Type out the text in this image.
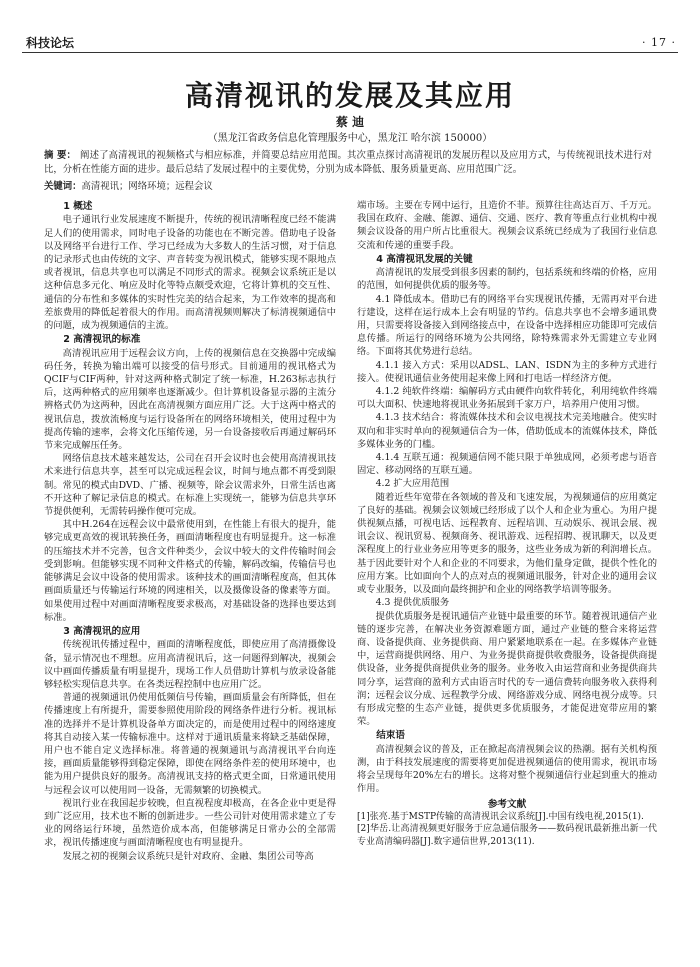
科技论坛	· 17 ·
高清视讯的发展及其应用
蔡 迪
（黑龙江省政务信息化管理服务中心，黑龙江 哈尔滨 150000）
摘 要： 阐述了高清视讯的视频格式与相应标准，并简要总结应用范围。其次重点探讨高清视讯的发展历程以及应用方式，与传统视讯技术进行对比，分析在性能方面的进步。最后总结了发展过程中的主要优势，分别为成本降低、服务质量更高、应用范围广泛。
关键词：高清视讯；网络环境；远程会议
1 概述

电子通讯行业发展速度不断提升，传统的视讯清晰程度已经不能满足人们的使用需求，同时电子设备的功能也在不断完善。借助电子设备以及网络平台进行工作、学习已经成为大多数人的生活习惯，对于信息的记录形式也由传统的文字、声音转变为视讯模式，能够实现不限地点或者视讯，信息共享也可以满足不同形式的需求。视频会议系统正是以这种信息多元化、响应及时化等特点颇受欢迎，它将计算机的交互性、通信的分布性和多媒体的实时性完美的结合起来，为工作效率的提高和差旅费用的降低起着很大的作用。而高清视频则解决了标清视频通信中的问题，成为视频通信的主流。

2 高清视讯的标准

高清视讯应用于远程会议方向，上传的视频信息在交换器中完成编码任务，转换为输出端可以接受的信号形式。目前通用的视讯格式为QCIF与CIF两种，针对这两种格式制定了统一标准，H.263标志执行后，这两种格式的应用频率也逐渐减少。但计算机设备显示器的主流分辨格式仍为这两种，因此在高清视频方面应用广泛。大于这两中格式的视讯信息，拨放流畅度与运行设备所在的网络环境相关，使用过程中为提高传输的速率，会将文化压缩传递，另一台设备接收后再通过解码环节来完成解压任务。

网络信息技术越来越发达，公司在召开会议时也会使用高清视讯技术来进行信息共享，甚至可以完成远程会议，时间与地点都不再受到限制。常见的模式由DVD、广播、视频等，除会议需求外，日常生活也离不开这种了解记录信息的模式。在标准上实现统一，能够为信息共享环节提供便利，无需转码操作便可完成。

其中H.264在远程会议中最常使用到，在性能上有很大的提升，能够完成更高效的视讯转换任务，画面清晰程度也有明显提升。这一标准的压缩技术并不完善，包含文件种类少，会议中较大的文件传输时间会受到影响。但能够实现不同种文件格式的传输，解码改编，传输信号也能够满足会议中设备的使用需求。该种技术的画面清晰程度高，但其体画面质量还与传输运行环境的网速相关，以及摄像设备的像素等方面。如果使用过程中对画面清晰程度要求极高，对基础设备的选择也要达到标准。

3 高清视讯的应用

传统视讯传播过程中，画面的清晰程度低，即使应用了高清摄像设备，显示情况也不理想。应用高清视讯后，这一问题得到解决，视频会议中画面传播质量有明显提升，现场工作人员借助计算机与放录设备能够轻松实现信息共享。在各类远程控制中也应用广泛。

普通的视频通讯仍使用低频信号传输，画面质量会有所降低，但在传播速度上有所提升，需要参照使用阶段的网络条件进行分析。视讯标准的选择并不是计算机设备单方面决定的，而是使用过程中的网络速度将其自动接入某一传输标准中。这样对于通讯质量来将缺乏基础保障，用户也不能自定义选择标准。将普通的视频通讯与高清视讯平台向连接，画面质量能够得到稳定保障，即使在网络条件差的使用环境中，也能为用户提供良好的服务。高清视讯支持的格式更全面，日常通讯使用与远程会议可以使用同一设备，无需频繁的切换模式。

视讯行业在我国起步较晚，但直视程度却极高，在各企业中更是得到广泛应用，技术也不断的创新进步。一些公司针对使用需求建立了专业的网络运行环境，虽然造价成本高，但能够满足日常办公的全部需求，视讯传播速度与画面清晰程度也有明显提升。

发展之初的视频会议系统只是针对政府、金融、集团公司等高

端市场。主要在专网中运行，且造价不菲。预算往往高达百万、千万元。我国在政府、金融、能源、通信、交通、医疗、教育等重点行业机构中视频会议设备的用户所占比重很大。视频会议系统已经成为了我国行业信息交流和传递的重要手段。

4 高清视讯发展的关键

高清视讯的发展受到很多因素的制约，包括系统和终端的价格，应用的范围，如何提供优质的服务等。

4.1 降低成本。借助已有的网络平台实现视讯传播，无需再对平台进行建设，这样在运行成本上会有明显的节约。信息共享也不会增多通讯费用，只需要将设备接入到网络接点中，在设备中选择相应功能即可完成信息传播。所运行的网络环境为公共网络，除特殊需求外无需建立专业网络。下面将其优势进行总结。

4.1.1 接入方式：采用以ADSL、LAN、ISDN为主的多种方式进行接入。使视讯通信业务使用起来像上网和打电话一样经济方便。

4.1.2 纯软件终端：编解码方式由硬件向软件转化，利用纯软件终端可以大面积、快速地将视讯业务拓展到千家万户，培养用户使用习惯。

4.1.3 技术结合：将流媒体技术和会议电视技术完美地融合。使实时双向和非实时单向的视频通信合为一体，借助低成本的流媒体技术，降低多媒体业务的门槛。

4.1.4 互联互通：视频通信网不能只限于单独成网，必须考虑与语音固定、移动网络的互联互通。

4.2 扩大应用范围

随着近些年宽带在各领域的普及和飞速发展，为视频通信的应用奠定了良好的基础。视频会议领域已经形成了以个人和企业为重心。为用户提供视频点播，可视电话、远程教育、远程培训、互动娱乐、视讯会展、视讯会议、视讯贸易、视频商务、视讯游戏、远程招聘、视讯聊天，以及更深程度上的行业业务应用等更多的服务，这些业务成为新的利润增长点。基于因此要针对个人和企业的不同要求，为他们量身定做，提供个性化的应用方案。比如面向个人的点对点的视频通讯服务，针对企业的通用会议或专业服务，以及面向最终拥护和企业的网络教学培训等服务。

4.3 提供优质服务

提供优质服务是视讯通信产业链中最重要的环节。随着视讯通信产业链的逐步完善，在解决业务资源难题方面，通过产业链的整合来将运营商、设备提供商、业务提供商、用户紧紧地联系在一起。在多媒体产业链中，运营商提供网络、用户、为业务提供商提供收费服务，设备提供商提供设备，业务提供商提供业务的服务。业务收入由运营商和业务提供商共同分享，运营商的盈利方式由语言时代的专一通信费转向服务收入获得利润；远程会议分成、远程教学分成、网络游戏分成、网络电视分成等。只有形成完整的生态产业链，提供更多优质服务，才能促进宽带应用的繁荣。

结束语

高清视频会议的普及，正在掀起高清视频会议的热潮。据有关机构预测，由于科技发展速度的需要将更加促进视频通信的使用需求，视讯市场将会呈现每年20%左右的增长。这将对整个视频通信行业起到重大的推动作用。

参考文献

[1]张亮.基于MSTP传输的高清视讯会议系统[J].中国有线电视,2015(1).

[2]华岳.让高清视频更好服务于应急通信服务——数码视讯最新推出新一代专业高清编码器[J].数字通信世界,2013(11).
